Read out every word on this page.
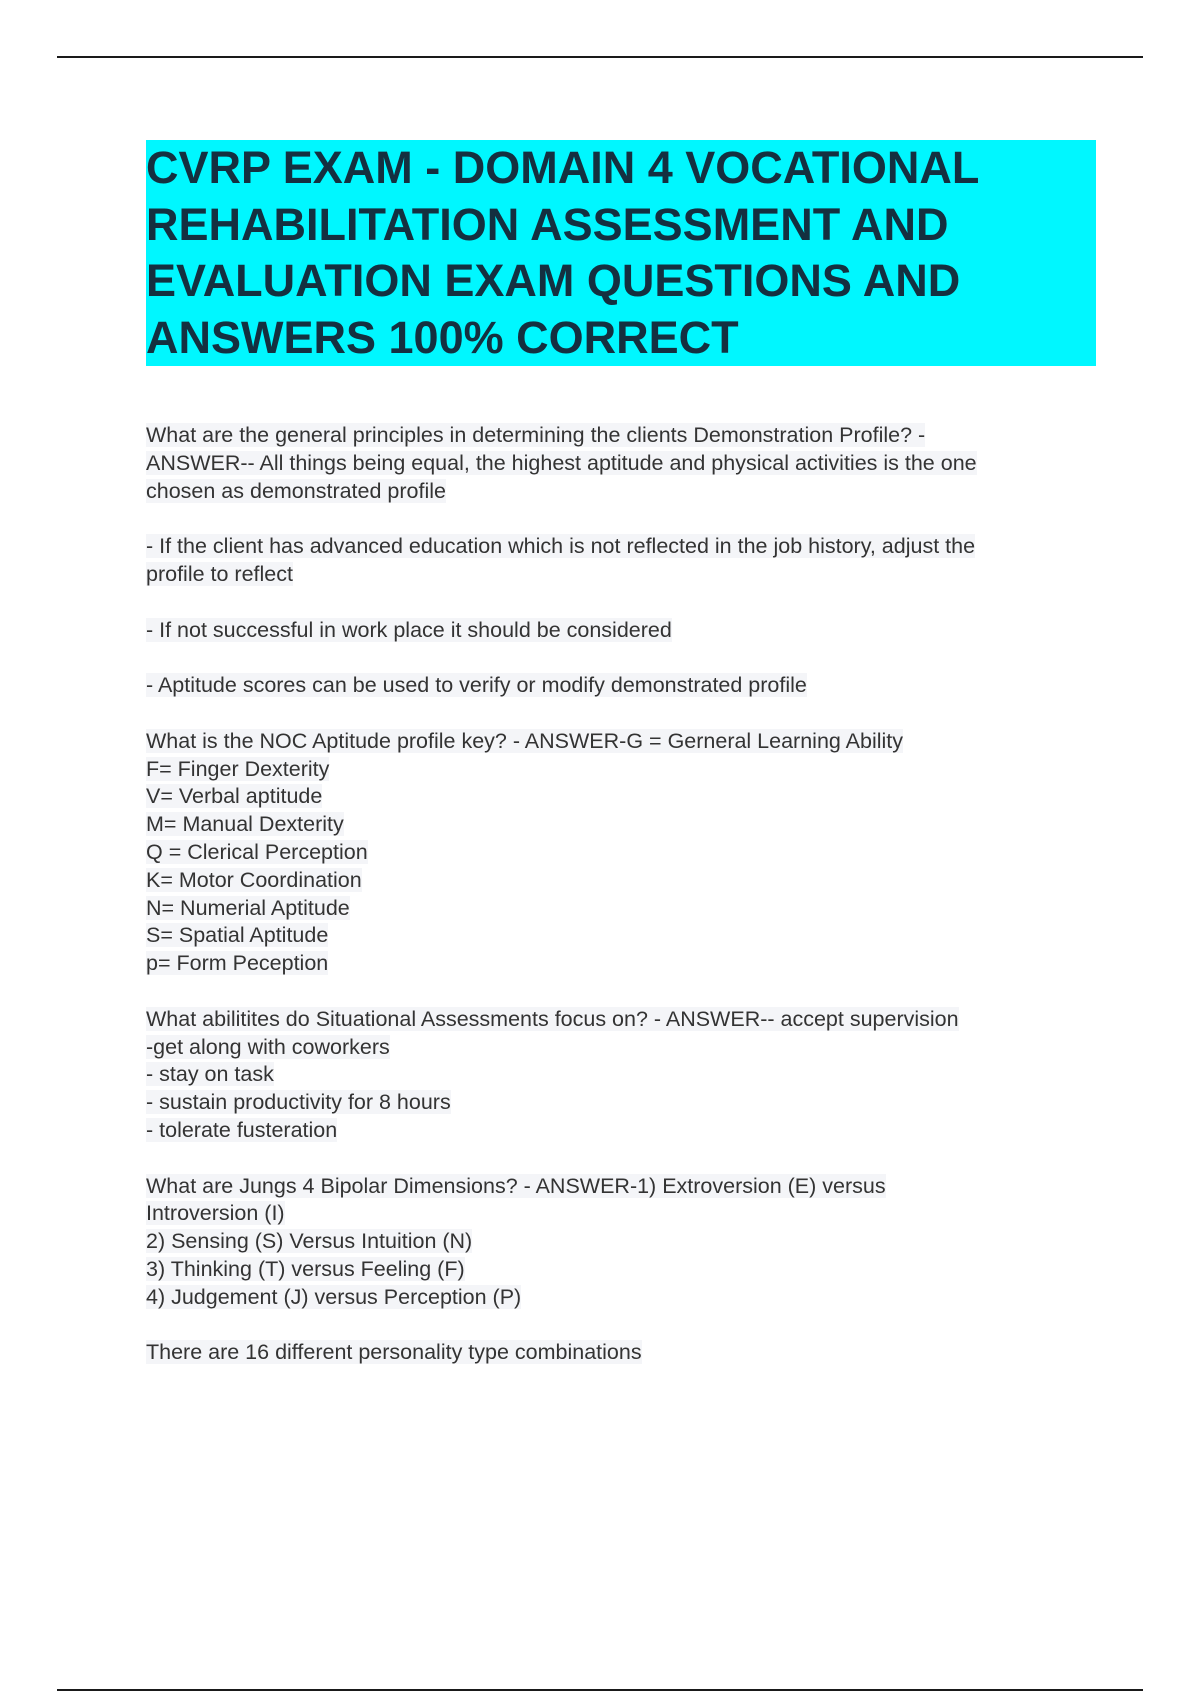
CVRP EXAM - DOMAIN 4 VOCATIONAL
REHABILITATION ASSESSMENT AND
EVALUATION EXAM QUESTIONS AND
ANSWERS 100% CORRECT

What are the general principles in determining the clients Demonstration Profile? -
ANSWER-- All things being equal, the highest aptitude and physical activities is the one
chosen as demonstrated profile

- If the client has advanced education which is not reflected in the job history, adjust the
profile to reflect

- If not successful in work place it should be considered

- Aptitude scores can be used to verify or modify demonstrated profile

What is the NOC Aptitude profile key? - ANSWER-G = Gerneral Learning Ability
F= Finger Dexterity
V= Verbal aptitude
M= Manual Dexterity
Q = Clerical Perception
K= Motor Coordination
N= Numerial Aptitude
S= Spatial Aptitude
p= Form Peception

What abilitites do Situational Assessments focus on? - ANSWER-- accept supervision
-get along with coworkers
- stay on task
- sustain productivity for 8 hours
- tolerate fusteration

What are Jungs 4 Bipolar Dimensions? - ANSWER-1) Extroversion (E) versus
Introversion (I)
2) Sensing (S) Versus Intuition (N)
3) Thinking (T) versus Feeling (F)
4) Judgement (J) versus Perception (P)

There are 16 different personality type combinations
